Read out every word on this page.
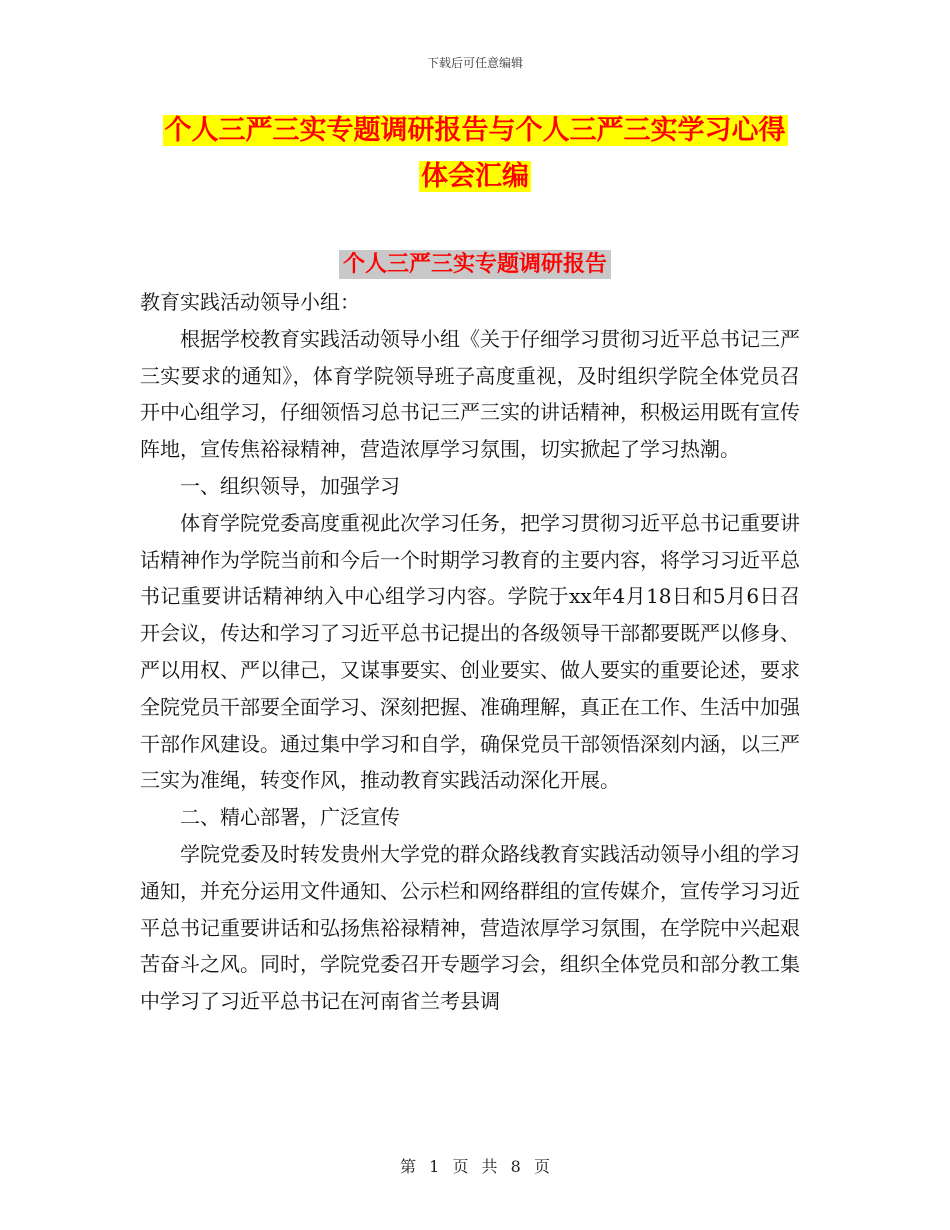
下载后可任意编辑
个人三严三实专题调研报告与个人三严三实学习心得
体会汇编
个人三严三实专题调研报告

教育实践活动领导小组：

根据学校教育实践活动领导小组《关于仔细学习贯彻习近平总书记三严三实要求的通知》，体育学院领导班子高度重视，及时组织学院全体党员召开中心组学习，仔细领悟习总书记三严三实的讲话精神，积极运用既有宣传阵地，宣传焦裕禄精神，营造浓厚学习氛围，切实掀起了学习热潮。

一、组织领导，加强学习

体育学院党委高度重视此次学习任务，把学习贯彻习近平总书记重要讲话精神作为学院当前和今后一个时期学习教育的主要内容，将学习习近平总书记重要讲话精神纳入中心组学习内容。学院于xx年4月18日和5月6日召开会议，传达和学习了习近平总书记提出的各级领导干部都要既严以修身、严以用权、严以律己，又谋事要实、创业要实、做人要实的重要论述，要求全院党员干部要全面学习、深刻把握、准确理解，真正在工作、生活中加强干部作风建设。通过集中学习和自学，确保党员干部领悟深刻内涵，以三严三实为准绳，转变作风，推动教育实践活动深化开展。

二、精心部署，广泛宣传

学院党委及时转发贵州大学党的群众路线教育实践活动领导小组的学习通知，并充分运用文件通知、公示栏和网络群组的宣传媒介，宣传学习习近平总书记重要讲话和弘扬焦裕禄精神，营造浓厚学习氛围，在学院中兴起艰苦奋斗之风。同时，学院党委召开专题学习会，组织全体党员和部分教工集中学习了习近平总书记在河南省兰考县调

第 1 页 共 8 页
